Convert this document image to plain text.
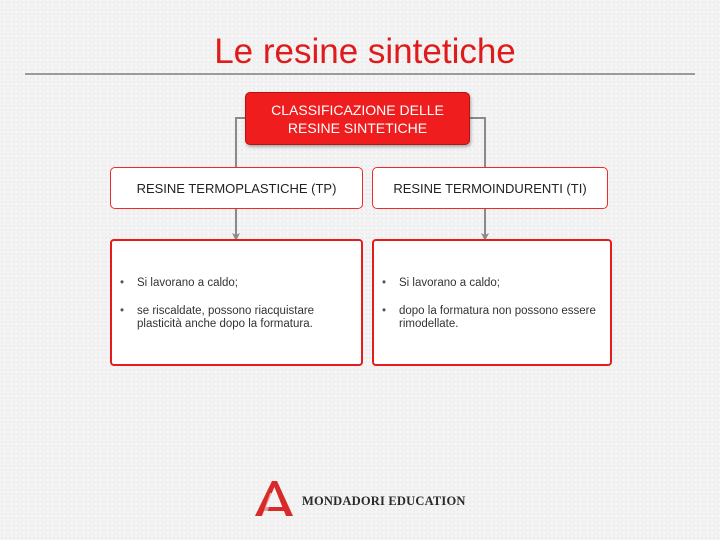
Le resine sintetiche
CLASSIFICAZIONE DELLE RESINE SINTETICHE
RESINE TERMOPLASTICHE (TP)	RESINE TERMOINDURENTI (TI)
• Si lavorano a caldo;
• se riscaldate, possono riacquistare plasticità anche dopo la formatura.
• Si lavorano a caldo;
• dopo la formatura non possono essere rimodellate.
MONDADORI EDUCATION
